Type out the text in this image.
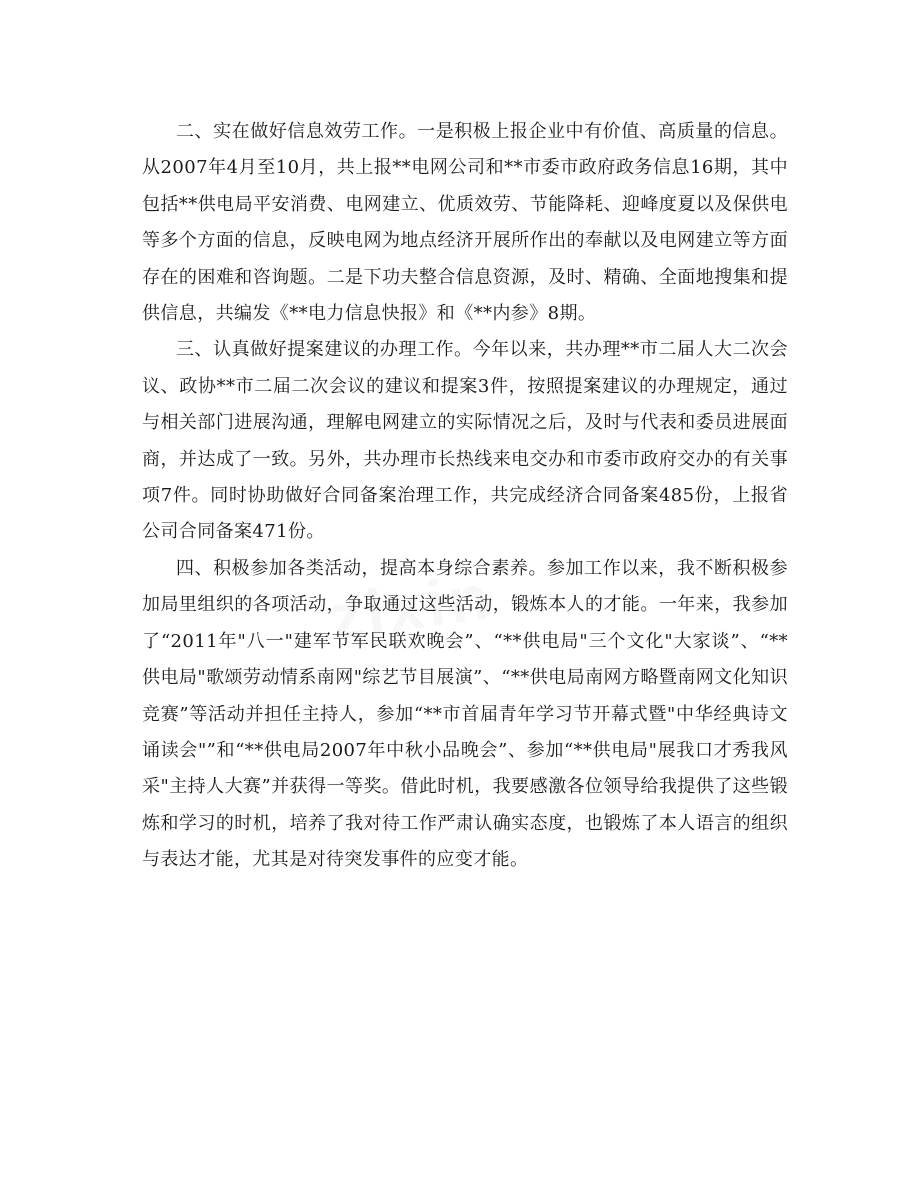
二、实在做好信息效劳工作。一是积极上报企业中有价值、高质量的信息。从2007年4月至10月，共上报**电网公司和**市委市政府政务信息16期，其中包括**供电局平安消费、电网建立、优质效劳、节能降耗、迎峰度夏以及保供电等多个方面的信息，反映电网为地点经济开展所作出的奉献以及电网建立等方面存在的困难和咨询题。二是下功夫整合信息资源，及时、精确、全面地搜集和提供信息，共编发《**电力信息快报》和《**内参》8期。

三、认真做好提案建议的办理工作。今年以来，共办理**市二届人大二次会议、政协**市二届二次会议的建议和提案3件，按照提案建议的办理规定，通过与相关部门进展沟通，理解电网建立的实际情况之后，及时与代表和委员进展面商，并达成了一致。另外，共办理市长热线来电交办和市委市政府交办的有关事项7件。同时协助做好合同备案治理工作，共完成经济合同备案485份，上报省公司合同备案471份。

四、积极参加各类活动，提高本身综合素养。参加工作以来，我不断积极参加局里组织的各项活动，争取通过这些活动，锻炼本人的才能。一年来，我参加了“2011年"八一"建军节军民联欢晚会”、“**供电局"三个文化"大家谈”、“**供电局"歌颂劳动情系南网"综艺节目展演”、“**供电局南网方略暨南网文化知识竞赛”等活动并担任主持人，参加“**市首届青年学习节开幕式暨"中华经典诗文诵读会"”和“**供电局2007年中秋小品晚会”、参加“**供电局"展我口才秀我风采"主持人大赛”并获得一等奖。借此时机，我要感激各位领导给我提供了这些锻炼和学习的时机，培养了我对待工作严肃认确实态度，也锻炼了本人语言的组织与表达才能，尤其是对待突发事件的应变才能。
